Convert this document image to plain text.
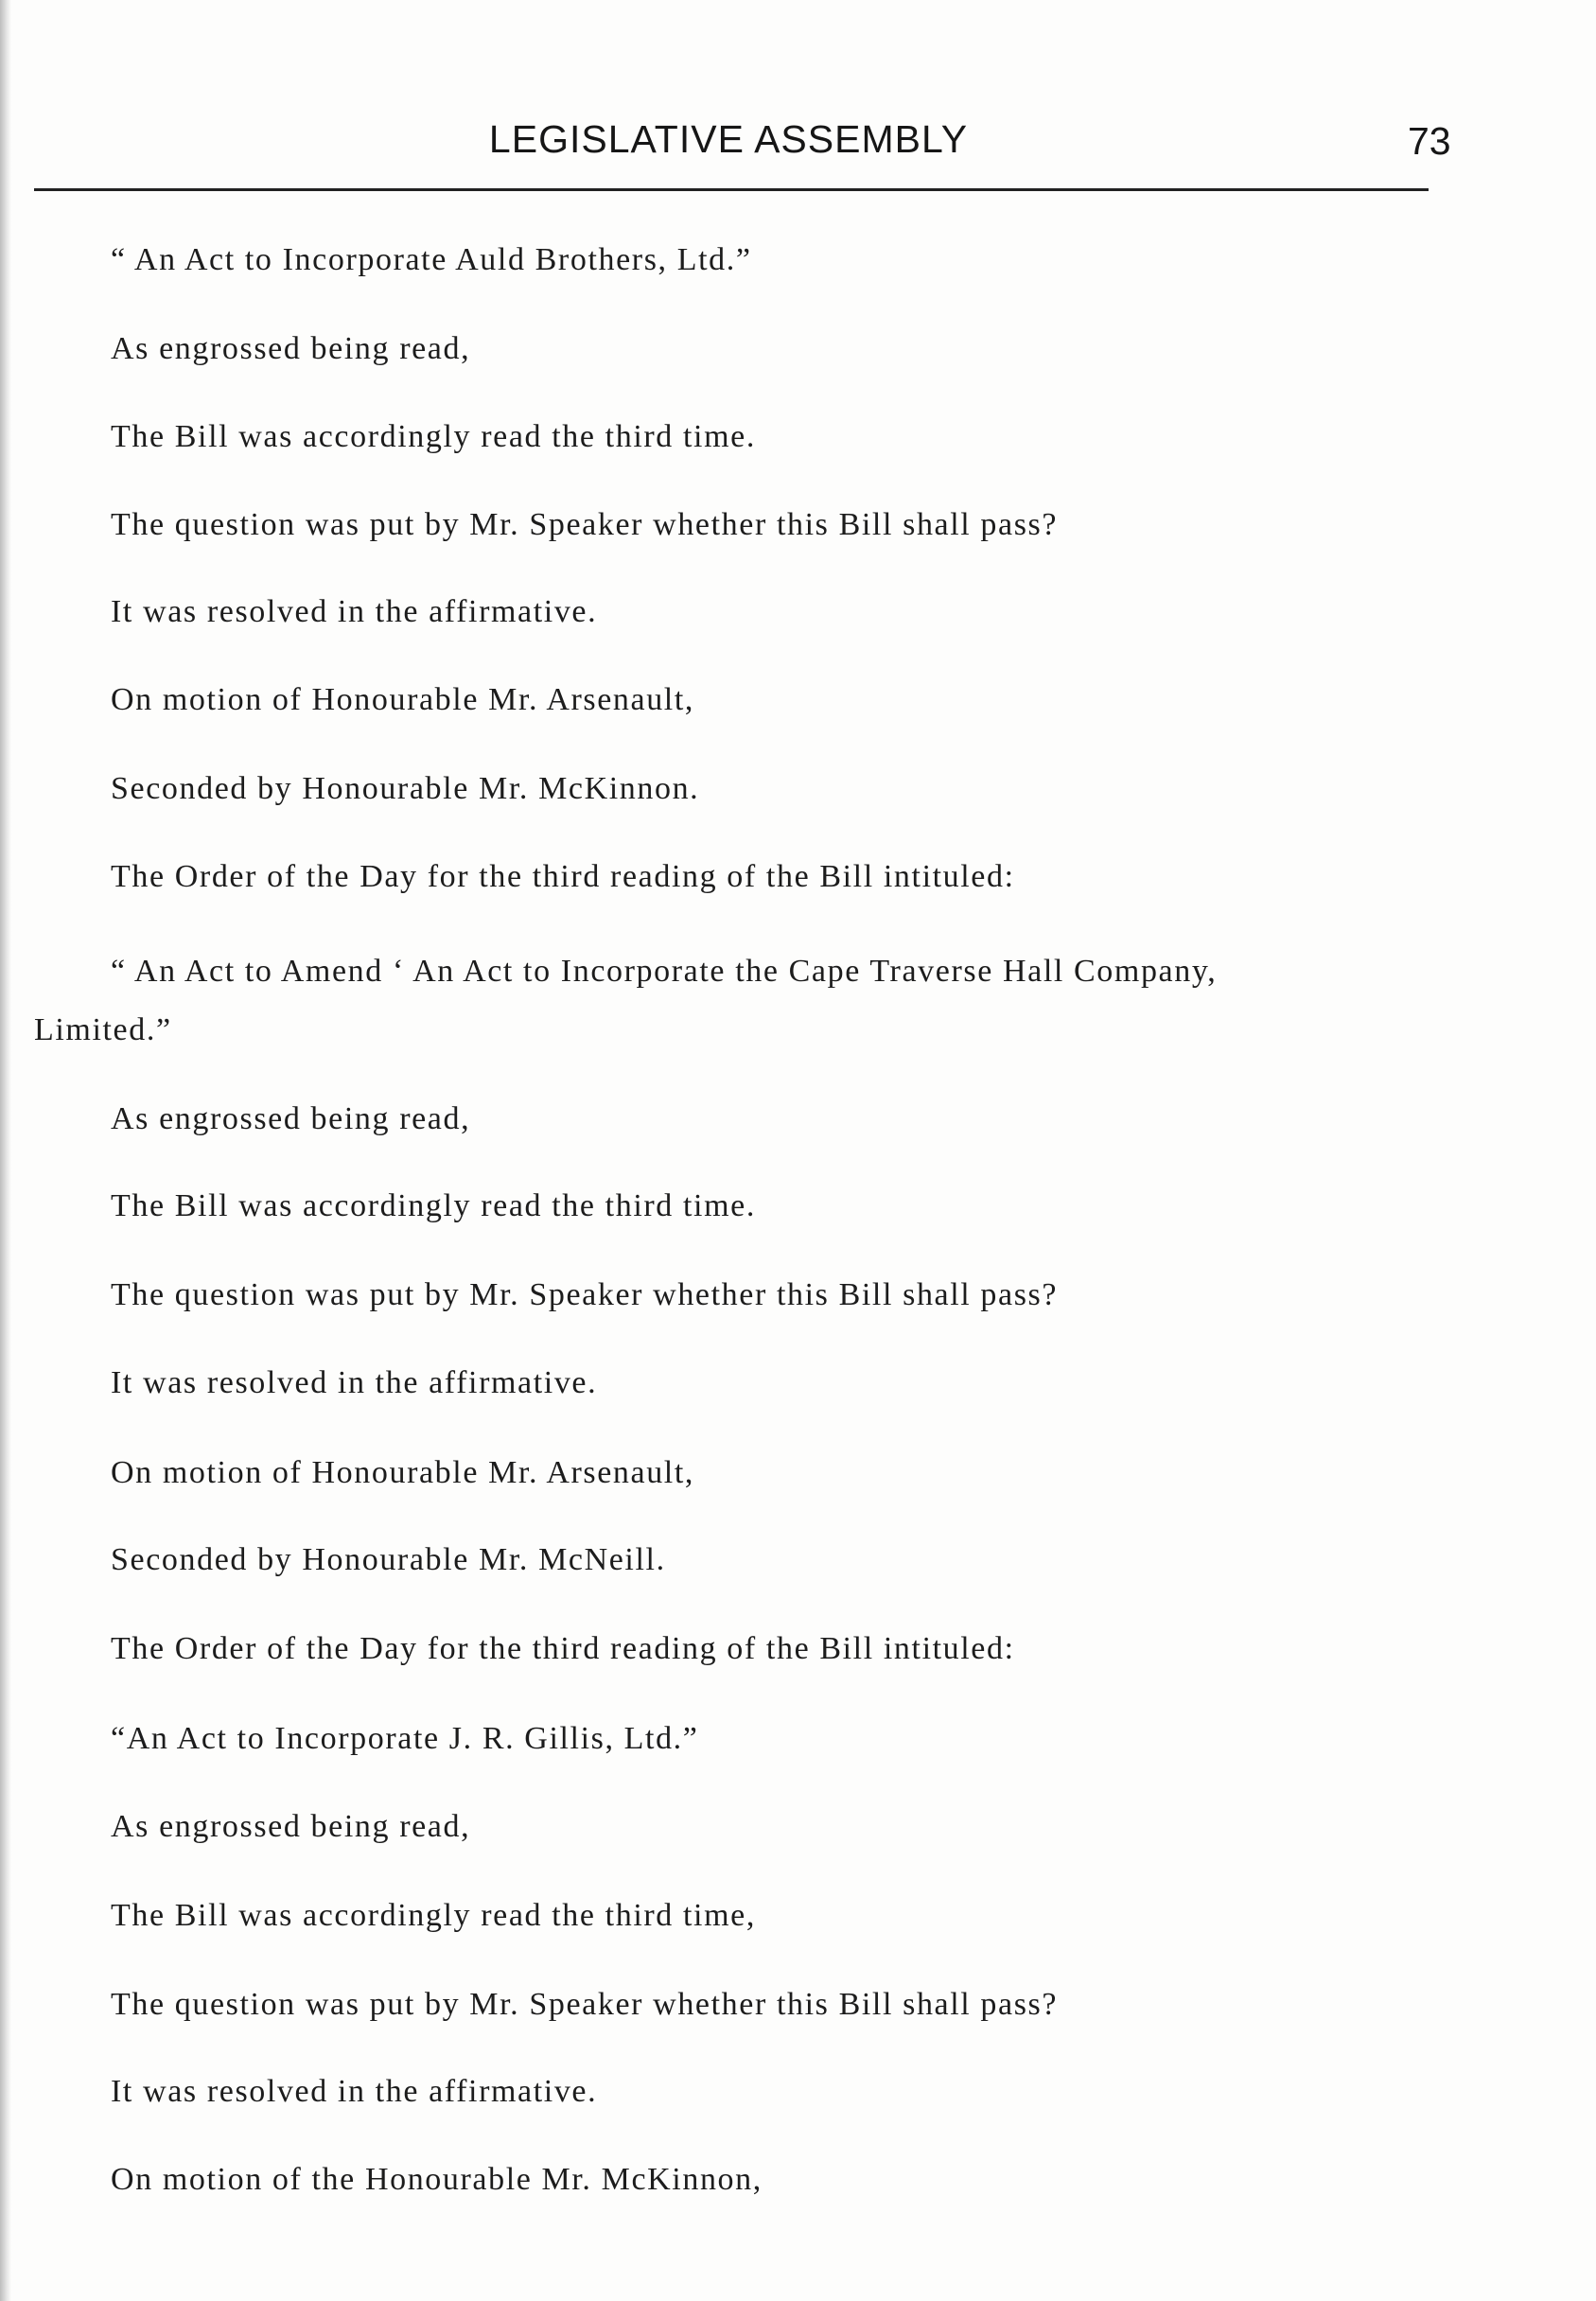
LEGISLATIVE ASSEMBLY	73
“ An Act to Incorporate Auld Brothers, Ltd.”
As engrossed being read,
The Bill was accordingly read the third time.
The question was put by Mr. Speaker whether this Bill shall pass?
It was resolved in the affirmative.
On motion of Honourable Mr. Arsenault,
Seconded by Honourable Mr. McKinnon.
The Order of the Day for the third reading of the Bill intituled:
“ An Act to Amend ‘ An Act to Incorporate the Cape Traverse Hall Company,
Limited.”
As engrossed being read,
The Bill was accordingly read the third time.
The question was put by Mr. Speaker whether this Bill shall pass?
It was resolved in the affirmative.
On motion of Honourable Mr. Arsenault,
Seconded by Honourable Mr. McNeill.
The Order of the Day for the third reading of the Bill intituled:
“An Act to Incorporate J. R. Gillis, Ltd.”
As engrossed being read,
The Bill was accordingly read the third time,
The question was put by Mr. Speaker whether this Bill shall pass?
It was resolved in the affirmative.
On motion of the Honourable Mr. McKinnon,
